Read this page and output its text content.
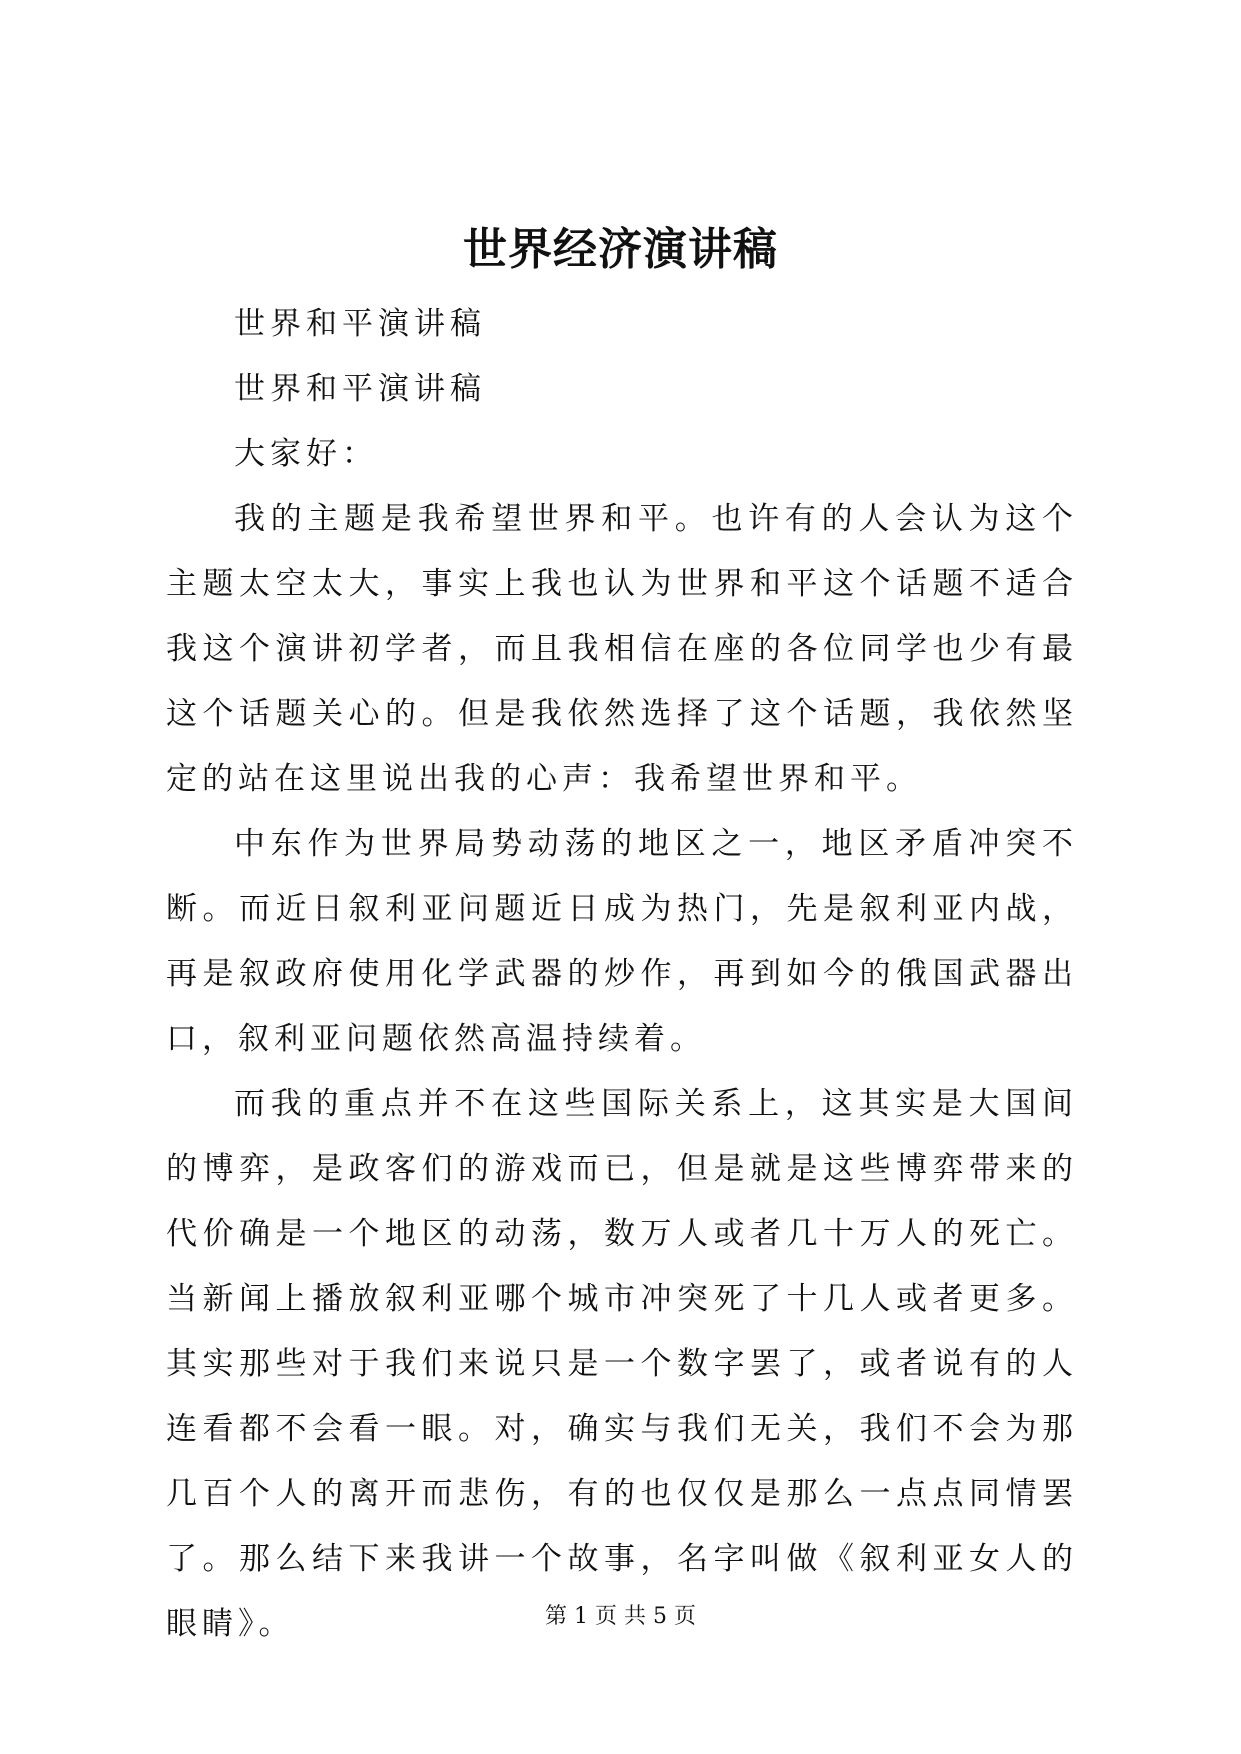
世界经济演讲稿

世界和平演讲稿

世界和平演讲稿

大家好：

我的主题是我希望世界和平。也许有的人会认为这个主题太空太大，事实上我也认为世界和平这个话题不适合我这个演讲初学者，而且我相信在座的各位同学也少有最这个话题关心的。但是我依然选择了这个话题，我依然坚定的站在这里说出我的心声：我希望世界和平。

中东作为世界局势动荡的地区之一，地区矛盾冲突不断。而近日叙利亚问题近日成为热门，先是叙利亚内战，再是叙政府使用化学武器的炒作，再到如今的俄国武器出口，叙利亚问题依然高温持续着。

而我的重点并不在这些国际关系上，这其实是大国间的博弈，是政客们的游戏而已，但是就是这些博弈带来的代价确是一个地区的动荡，数万人或者几十万人的死亡。当新闻上播放叙利亚哪个城市冲突死了十几人或者更多。其实那些对于我们来说只是一个数字罢了，或者说有的人连看都不会看一眼。对，确实与我们无关，我们不会为那几百个人的离开而悲伤，有的也仅仅是那么一点点同情罢了。那么结下来我讲一个故事，名字叫做《叙利亚女人的眼睛》。	第 1 页 共 5 页
